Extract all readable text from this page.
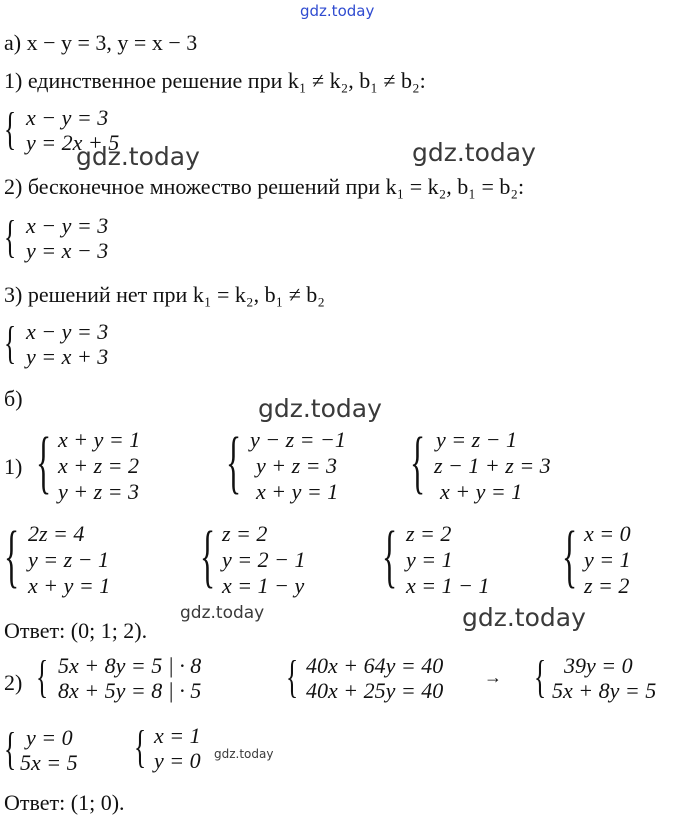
gdz.today
а) x − y = 3, y = x − 3
1) единственное решение при k₁ ≠ k₂, b₁ ≠ b₂:
{ x − y = 3
y = 2x + 5
gdz.today	gdz.today
2) бесконечное множество решений при k₁ = k₂, b₁ = b₂:
{ x − y = 3
y = x − 3
3) решений нет при k₁ = k₂, b₁ ≠ b₂
{ x − y = 3
y = x + 3
б)	gdz.today
1) { x + y = 1
x + z = 2
y + z = 3 { y − z = −1
y + z = 3
x + y = 1 { y = z − 1
z − 1 + z = 3
x + y = 1
{ 2z = 4
y = z − 1
x + y = 1 { z = 2
y = 2 − 1
x = 1 − y { z = 2
y = 1
x = 1 − 1 { x = 0
y = 1
z = 2
Ответ: (0; 1; 2).
gdz.today	gdz.today
2) { 5x + 8y = 5 | · 8
8x + 5y = 8 | · 5 { 40x + 64y = 40
40x + 25y = 40
→ { 39y = 0
5x + 8y = 5
{ y = 0
5x = 5 { x = 1
y = 0 gdz.today
Ответ: (1; 0).
